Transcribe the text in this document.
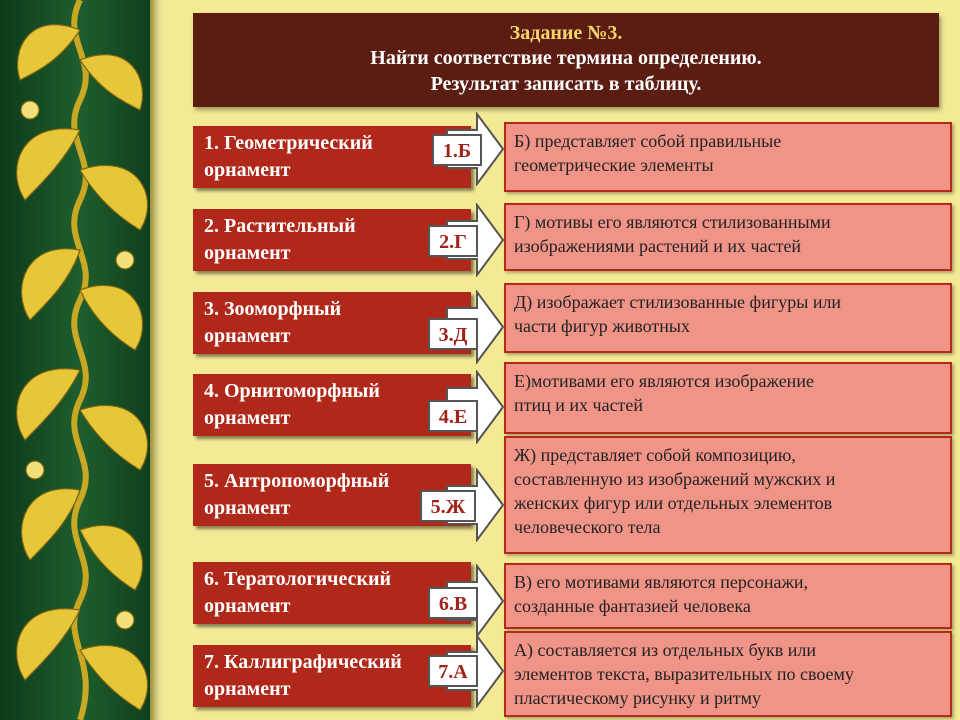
Задание №3.
Найти соответствие термина определению.
Результат записать в таблицу.
Б) представляет собой правильные
геометрические элементы
Г) мотивы его являются стилизованными
изображениями растений и их частей
Д) изображает стилизованные фигуры или
части фигур животных
Е)мотивами его являются изображение
птиц и их частей
Ж) представляет собой композицию,
составленную из изображений мужских и
женских фигур или отдельных элементов
человеческого тела
В) его мотивами являются персонажи,
созданные фантазией человека
А) составляется из отдельных букв или
элементов текста, выразительных по своему
пластическому рисунку и ритму
1. Геометрический
орнамент
2. Растительный
орнамент
3. Зооморфный
орнамент
4. Орнитоморфный
орнамент
5. Антропоморфный
орнамент
6. Тератологический
орнамент
7. Каллиграфический
орнамент
1.Б
2.Г
3.Д
4.Е
5.Ж
6.В
7.А
